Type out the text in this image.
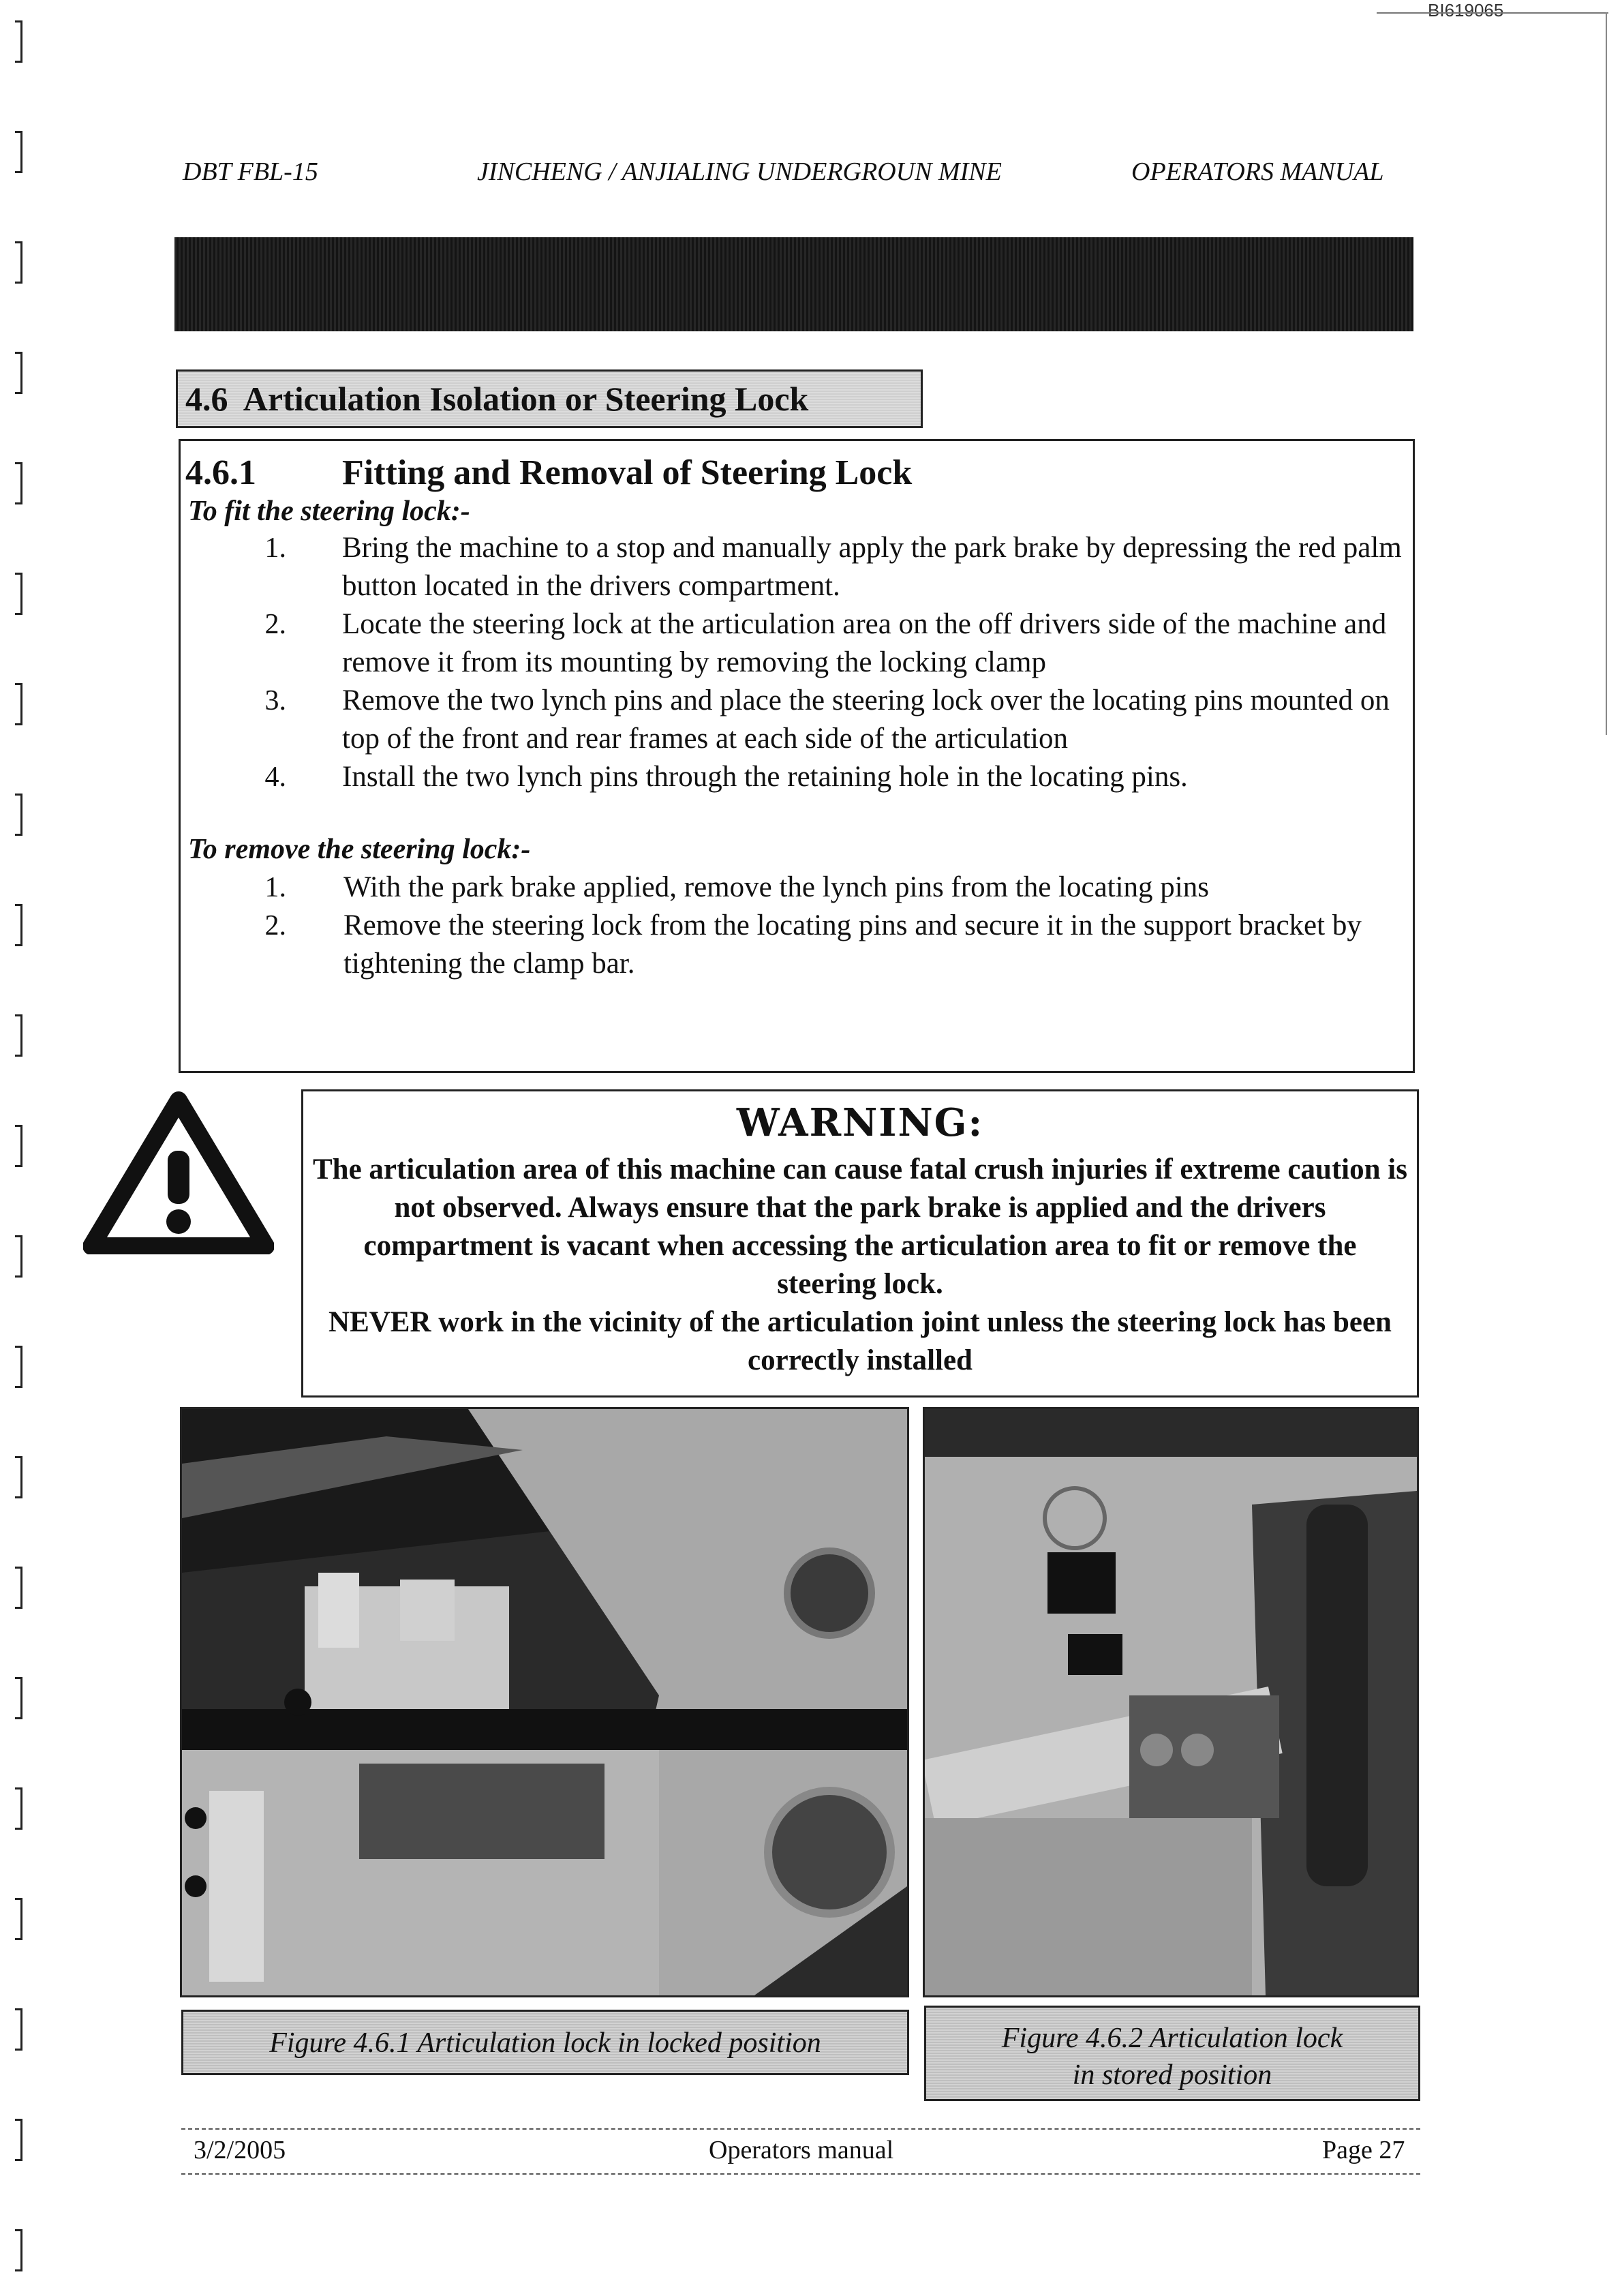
BI619065
DBT FBL-15	JINCHENG / ANJIALING UNDERGROUN MINE	OPERATORS MANUAL
4.6 Articulation Isolation or Steering Lock
4.6.1 Fitting and Removal of Steering Lock
To fit the steering lock:-
1. Bring the machine to a stop and manually apply the park brake by depressing the red palm button located in the drivers compartment.
2. Locate the steering lock at the articulation area on the off drivers side of the machine and remove it from its mounting by removing the locking clamp
3. Remove the two lynch pins and place the steering lock over the locating pins mounted on top of the front and rear frames at each side of the articulation
4. Install the two lynch pins through the retaining hole in the locating pins.
To remove the steering lock:-
1. With the park brake applied, remove the lynch pins from the locating pins
2. Remove the steering lock from the locating pins and secure it in the support bracket by tightening the clamp bar.
WARNING:
The articulation area of this machine can cause fatal crush injuries if extreme caution is not observed. Always ensure that the park brake is applied and the drivers compartment is vacant when accessing the articulation area to fit or remove the steering lock.
NEVER work in the vicinity of the articulation joint unless the steering lock has been correctly installed
Figure 4.6.1 Articulation lock in locked position	Figure 4.6.2 Articulation lock
in stored position
3/2/2005	Operators manual	Page 27
